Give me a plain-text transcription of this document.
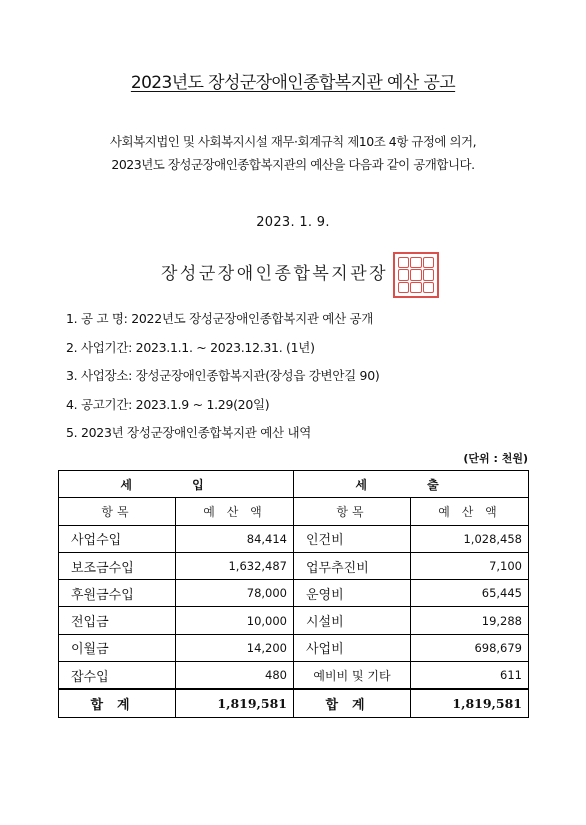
2023년도 장성군장애인종합복지관 예산 공고
사회복지법인 및 사회복지시설 재무·회계규칙 제10조 4항 규정에 의거,
2023년도 장성군장애인종합복지관의 예산을 다음과 같이 공개합니다.
2023. 1. 9.
장성군장애인종합복지관장
1. 공 고 명: 2022년도 장성군장애인종합복지관 예산 공개
2. 사업기간: 2023.1.1. ~ 2023.12.31. (1년)
3. 사업장소: 장성군장애인종합복지관(장성읍 강변안길 90)
4. 공고기간: 2023.1.9 ~ 1.29(20일)
5. 2023년 장성군장애인종합복지관 예산 내역
(단위 : 천원)
세 입		세 출	
항목	예 산 액	항목	예 산 액
사업수입	84,414	인건비	1,028,458
보조금수입	1,632,487	업무추진비	7,100
후원금수입	78,000	운영비	65,445
전입금	10,000	시설비	19,288
이월금	14,200	사업비	698,679
잡수입	480	예비비 및 기타	611
합계	1,819,581	합계	1,819,581
